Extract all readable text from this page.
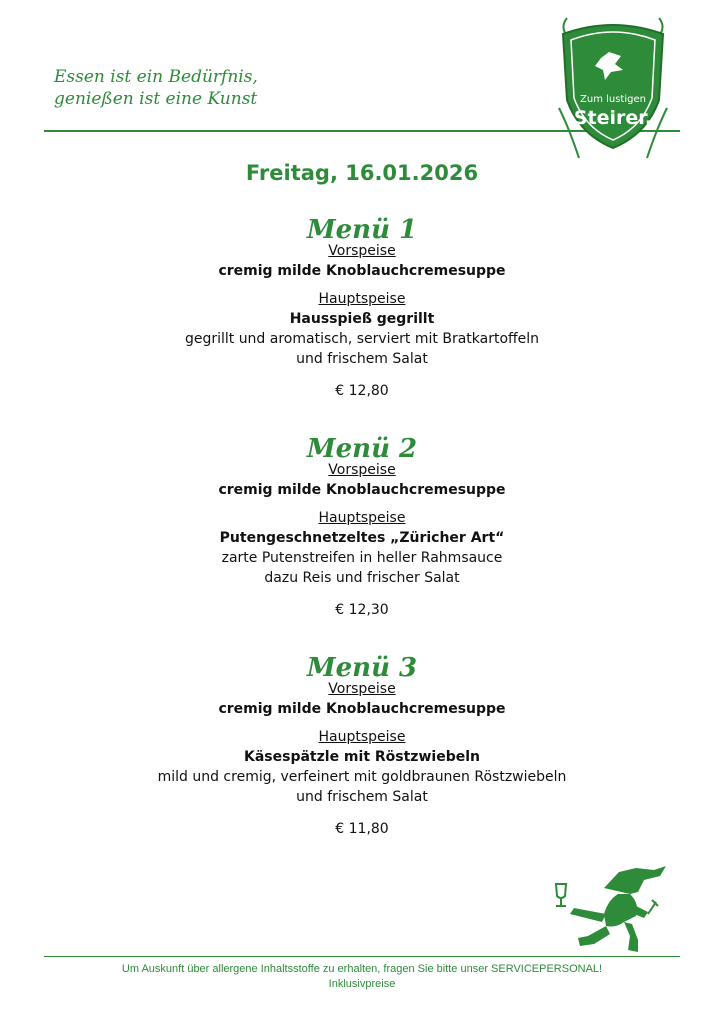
Essen ist ein Bedürfnis,
genießen ist eine Kunst	Zum lustigen
Steirer.
Freitag, 16.01.2026
Menü 1
Vorspeise
cremig milde Knoblauchcremesuppe
Hauptspeise
Hausspieß gegrillt
gegrillt und aromatisch, serviert mit Bratkartoffeln
und frischem Salat
€ 12,80
Menü 2
Vorspeise
cremig milde Knoblauchcremesuppe
Hauptspeise
Putengeschnetzeltes „Züricher Art“
zarte Putenstreifen in heller Rahmsauce
dazu Reis und frischer Salat
€ 12,30
Menü 3
Vorspeise
cremig milde Knoblauchcremesuppe
Hauptspeise
Käsespätzle mit Röstzwiebeln
mild und cremig, verfeinert mit goldbraunen Röstzwiebeln
und frischem Salat
€ 11,80
Um Auskunft über allergene Inhaltsstoffe zu erhalten, fragen Sie bitte unser SERVICEPERSONAL!
Inklusivpreise
